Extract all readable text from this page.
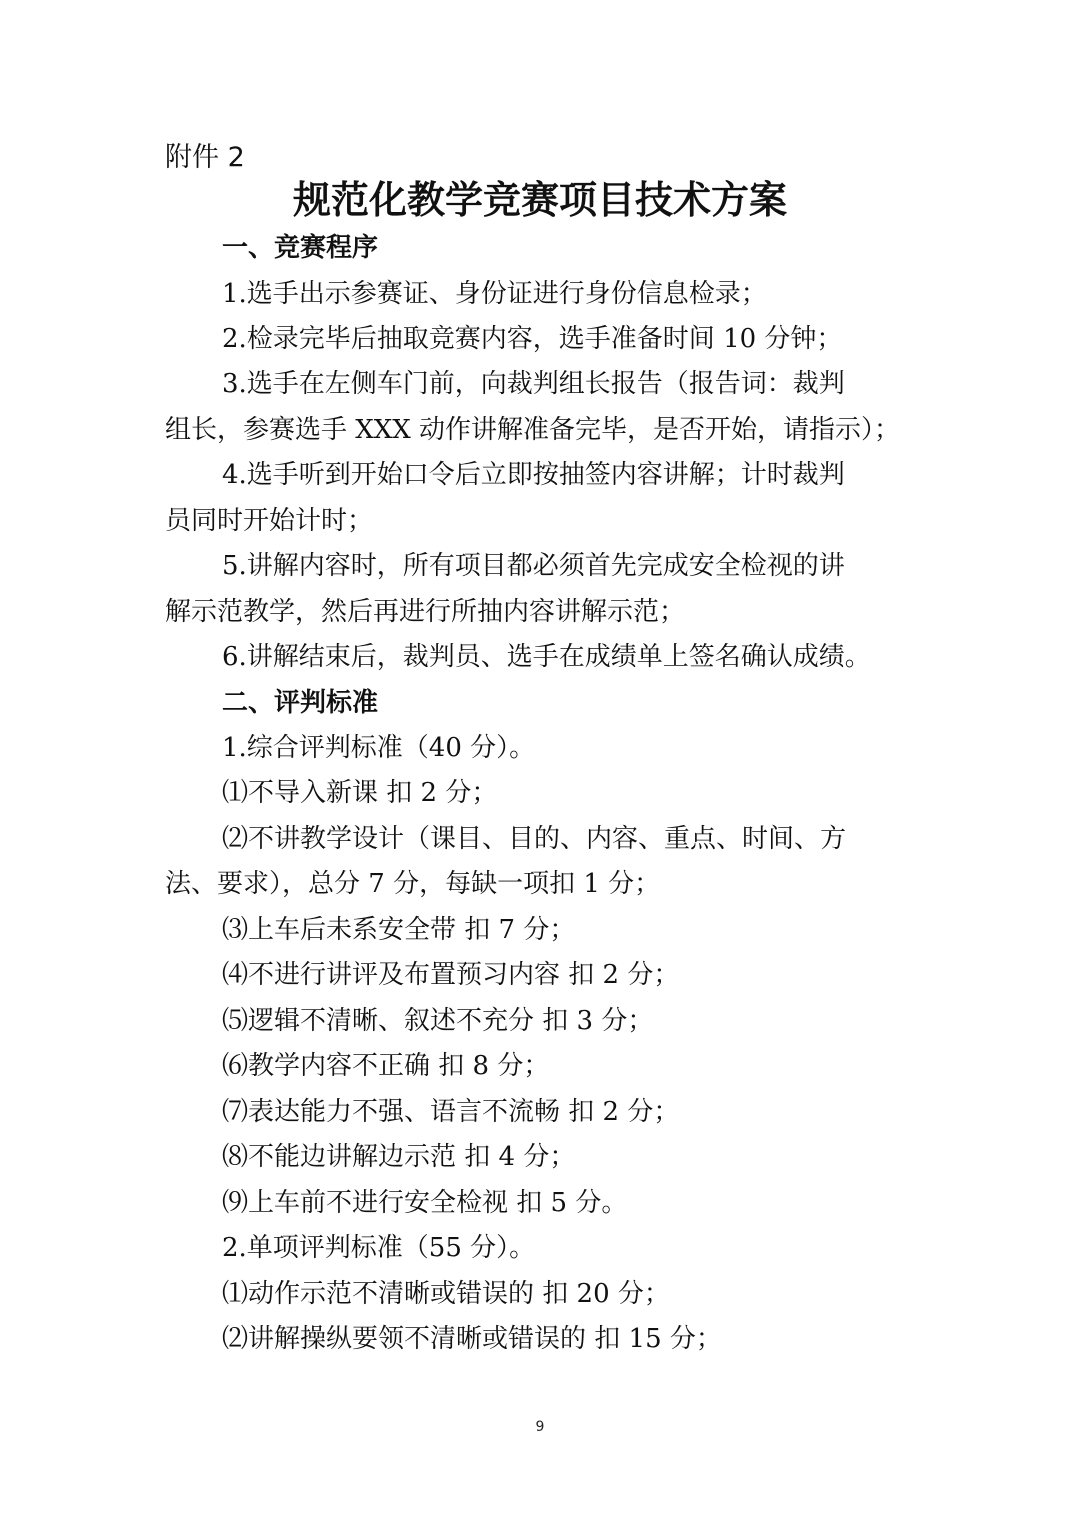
附件 2
规范化教学竞赛项目技术方案
一、竞赛程序
1.选手出示参赛证、身份证进行身份信息检录；
2.检录完毕后抽取竞赛内容，选手准备时间 10 分钟；
3.选手在左侧车门前，向裁判组长报告（报告词：裁判
组长，参赛选手 XXX 动作讲解准备完毕，是否开始，请指示）；
4.选手听到开始口令后立即按抽签内容讲解；计时裁判
员同时开始计时；
5.讲解内容时，所有项目都必须首先完成安全检视的讲
解示范教学，然后再进行所抽内容讲解示范；
6.讲解结束后，裁判员、选手在成绩单上签名确认成绩。
二、评判标准
1.综合评判标准（40 分）。
⑴不导入新课 扣 2 分；
⑵不讲教学设计（课目、目的、内容、重点、时间、方
法、要求），总分 7 分，每缺一项扣 1 分；
⑶上车后未系安全带 扣 7 分；
⑷不进行讲评及布置预习内容 扣 2 分；
⑸逻辑不清晰、叙述不充分 扣 3 分；
⑹教学内容不正确 扣 8 分；
⑺表达能力不强、语言不流畅 扣 2 分；
⑻不能边讲解边示范 扣 4 分；
⑼上车前不进行安全检视 扣 5 分。
2.单项评判标准（55 分）。
⑴动作示范不清晰或错误的 扣 20 分；
⑵讲解操纵要领不清晰或错误的 扣 15 分；
9
